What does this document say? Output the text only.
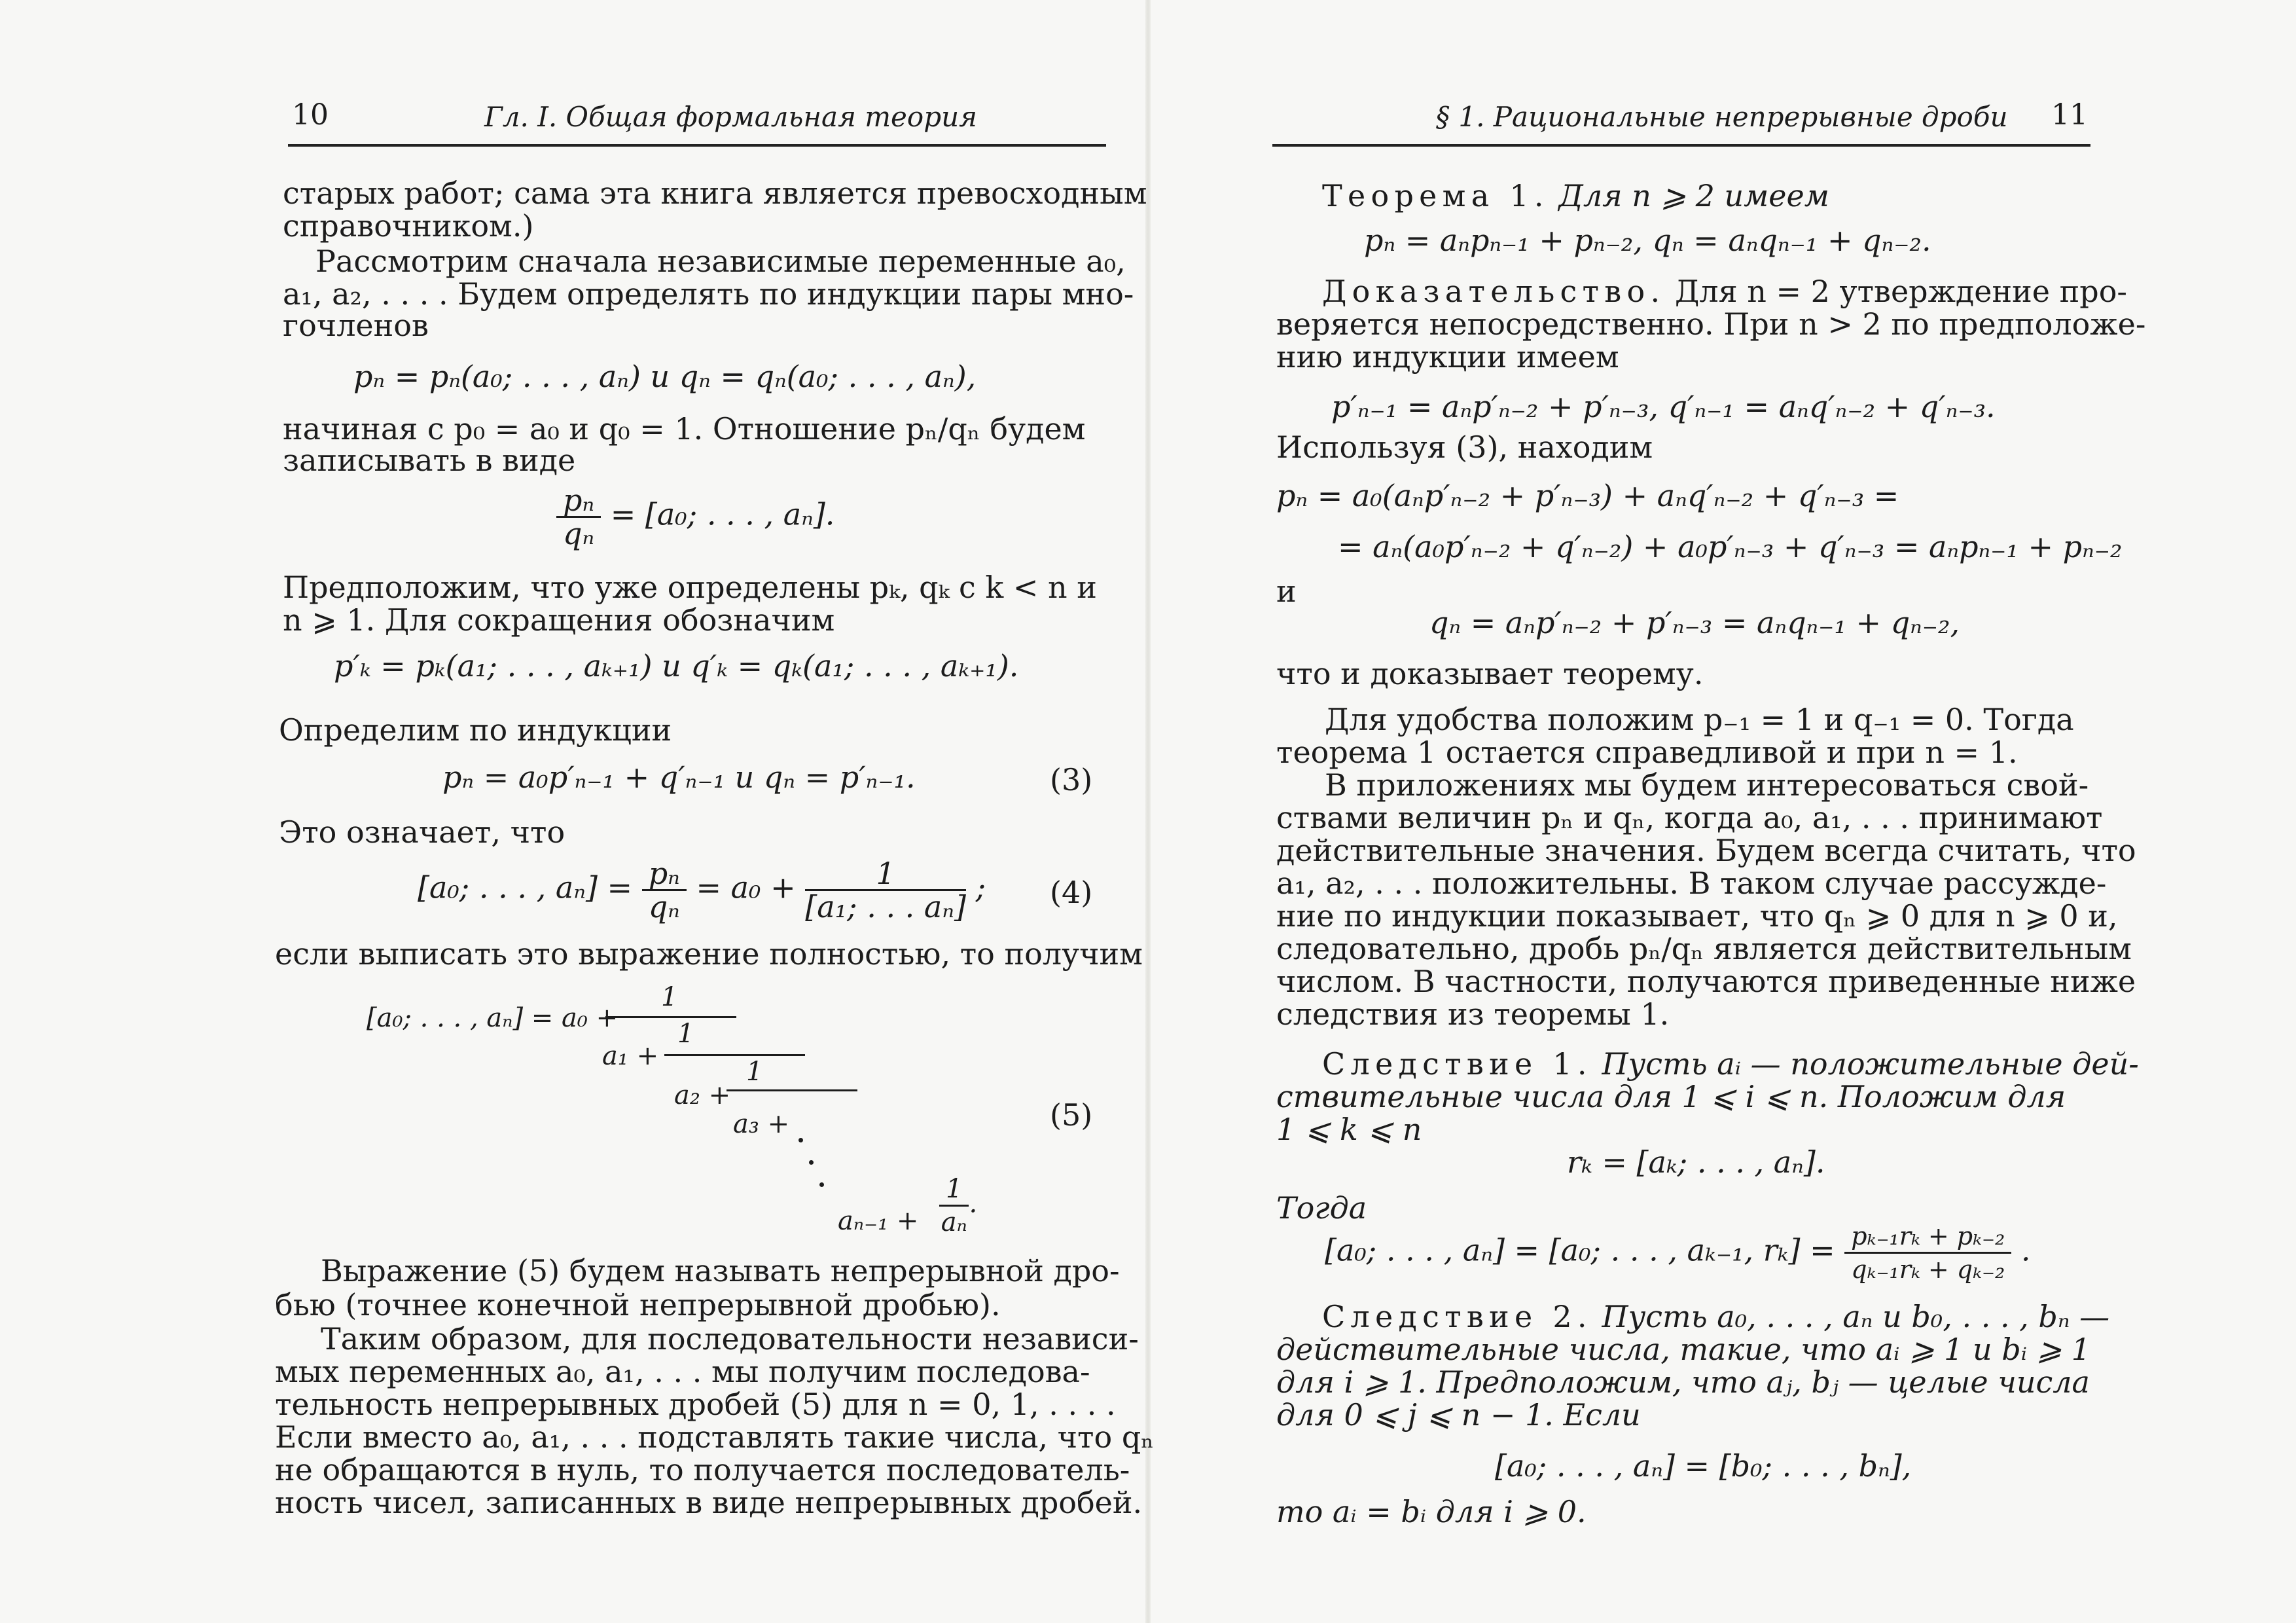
10	Гл. I. Общая формальная теория
старых работ; сама эта книга является превосходным
справочником.)
Рассмотрим сначала независимые переменные a₀,
a₁, a₂, . . . . Будем определять по индукции пары мно-
гочленов
pₙ = pₙ(a₀; . . . , aₙ) и qₙ = qₙ(a₀; . . . , aₙ),
начиная с p₀ = a₀ и q₀ = 1. Отношение pₙ/qₙ будем
записывать в виде
$\frac{\text{pₙ}}{\text{qₙ}} = [a_0$; . . . , aₙ].
Предположим, что уже определены pₖ, qₖ с k < n и
n ⩾ 1. Для сокращения обозначим
p′ₖ = pₖ(a₁; . . . , aₖ₊₁) и q′ₖ = qₖ(a₁; . . . , aₖ₊₁).
Определим по индукции
pₙ = a₀p′ₙ₋₁ + q′ₙ₋₁ и qₙ = p′ₙ₋₁.	(3)
Это означает, что
[a₀; . . . , $a_n] = \frac{\text{pₙ}}{\text{qₙ}} = a_0 + \frac{1}{\text{[a₁; . . . aₙ]}}$ ; (4)
если выписать это выражение полностью, то получим
[a₀; . . . , aₙ] = a₀ +
1
a₁ +
1
a₂ +
1
a₃ +
$a_{n-1} + \frac{1}{\text{aₙ}}$ .
(5)
Выражение (5) будем называть непрерывной дро-
бью (точнее конечной непрерывной дробью).
Таким образом, для последовательности независи-
мых переменных a₀, a₁, . . . мы получим последова-
тельность непрерывных дробей (5) для n = 0, 1, . . . .
Если вместо a₀, a₁, . . . подставлять такие числа, что qₙ
не обращаются в нуль, то получается последователь-
ность чисел, записанных в виде непрерывных дробей.
§ 1. Рациональные непрерывные дроби 11
Теорема 1. Для n ⩾ 2 имеем
pₙ = aₙpₙ₋₁ + pₙ₋₂, qₙ = aₙqₙ₋₁ + qₙ₋₂.
Доказательство. Для n = 2 утверждение про-
веряется непосредственно. При n > 2 по предположе-
нию индукции имеем
p′ₙ₋₁ = aₙp′ₙ₋₂ + p′ₙ₋₃, q′ₙ₋₁ = aₙq′ₙ₋₂ + q′ₙ₋₃.
Используя (3), находим
pₙ = a₀(aₙp′ₙ₋₂ + p′ₙ₋₃) + aₙq′ₙ₋₂ + q′ₙ₋₃ =
= aₙ(a₀p′ₙ₋₂ + q′ₙ₋₂) + a₀p′ₙ₋₃ + q′ₙ₋₃ = aₙpₙ₋₁ + pₙ₋₂
и
qₙ = aₙp′ₙ₋₂ + p′ₙ₋₃ = aₙqₙ₋₁ + qₙ₋₂,
что и доказывает теорему.
Для удобства положим p₋₁ = 1 и q₋₁ = 0. Тогда
теорема 1 остается справедливой и при n = 1.
В приложениях мы будем интересоваться свой-
ствами величин pₙ и qₙ, когда a₀, a₁, . . . принимают
действительные значения. Будем всегда считать, что
a₁, a₂, . . . положительны. В таком случае рассужде-
ние по индукции показывает, что qₙ ⩾ 0 для n ⩾ 0 и,
следовательно, дробь pₙ/qₙ является действительным
числом. В частности, получаются приведенные ниже
следствия из теоремы 1.
Следствие 1. Пусть aᵢ — положительные дей-
ствительные числа для 1 ⩽ i ⩽ n. Положим для
1 ⩽ k ⩽ n
rₖ = [aₖ; . . . , aₙ].
Тогда
[a₀; . . . , aₙ] = [a₀; . . . , aₖ₋₁, $r_k] = \frac{\text{pₖ₋₁rₖ + pₖ₋₂}}{\text{qₖ₋₁rₖ + qₖ₋₂}}$ .
Следствие 2. Пусть a₀, . . . , aₙ и b₀, . . . , bₙ —
действительные числа, такие, что aᵢ ⩾ 1 и bᵢ ⩾ 1
для i ⩾ 1. Предположим, что aⱼ, bⱼ — целые числа
для 0 ⩽ j ⩽ n − 1. Если
[a₀; . . . , aₙ] = [b₀; . . . , bₙ],
то aᵢ = bᵢ для i ⩾ 0.
